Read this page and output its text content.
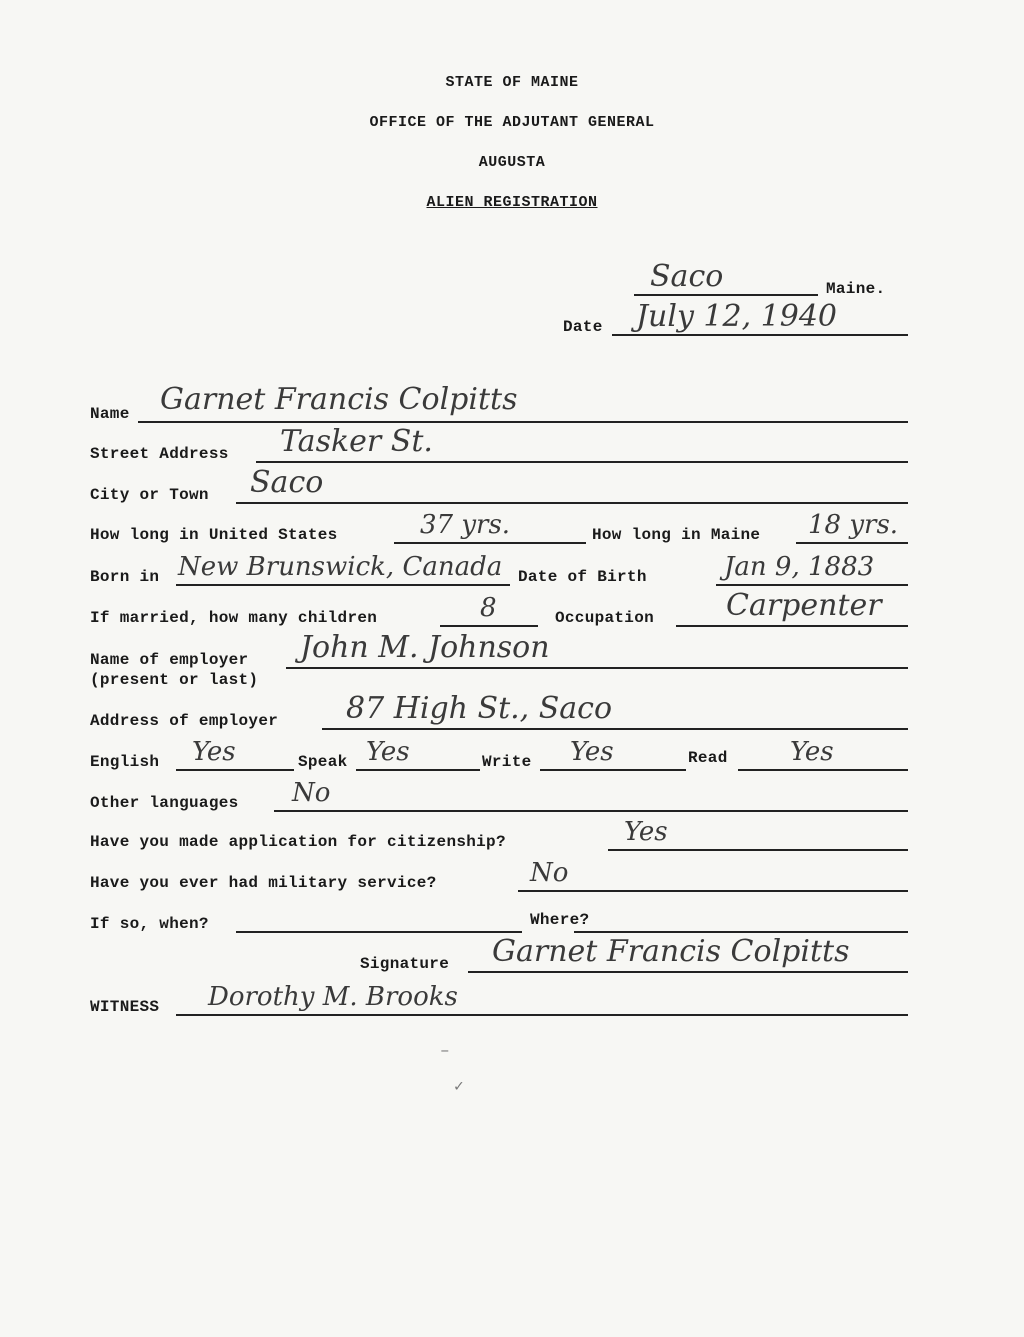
STATE OF MAINE
OFFICE OF THE ADJUTANT GENERAL
AUGUSTA
ALIEN REGISTRATION
Saco	Maine.
Date July 12, 1940
Name Garnet Francis Colpitts
Street Address Tasker St.
City or Town Saco
How long in United States	37 yrs.	How long in Maine 18 yrs.
Born in New Brunswick, Canada Date of Birth	Jan 9, 1883
If married, how many children	8	Occupation Carpenter
Name of employer
(present or last)
John M. Johnson
Address of employer 87 High St., Saco
English Yes	Speak Yes	Write Yes	Read Yes
Other languages No
Have you made application for citizenship?	Yes
Have you ever had military service?	No
If so, when?	Where?
Signature Garnet Francis Colpitts
WITNESS Dorothy M. Brooks
–
✓
